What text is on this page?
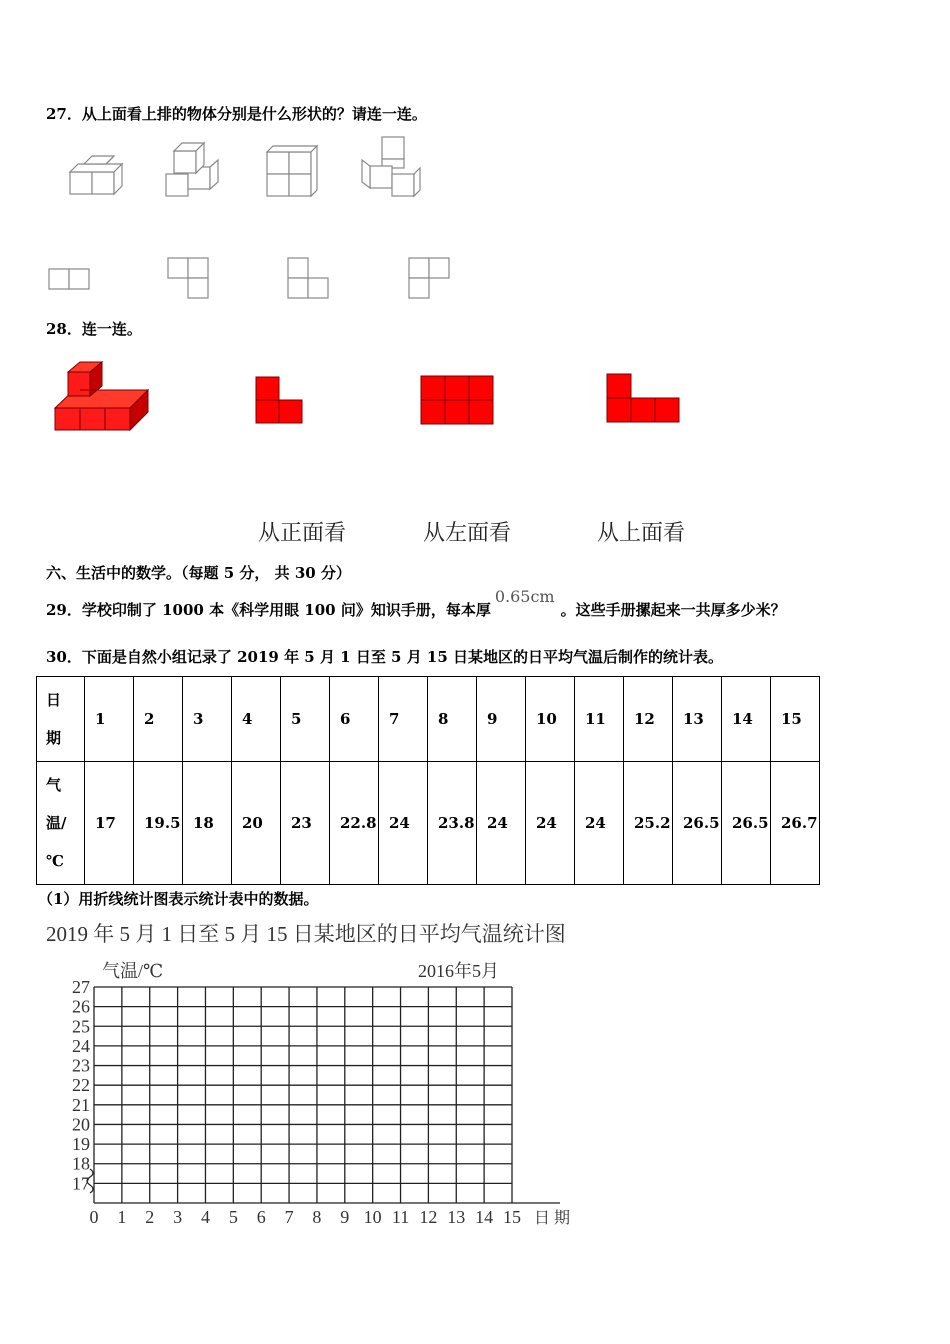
27．从上面看上排的物体分别是什么形状的？请连一连。
28．连一连。
从正面看	从左面看	从上面看
六、生活中的数学。（每题 5 分， 共 30 分）
29．学校印制了 1000 本《科学用眼 100 问》知识手册，每本厚0.65cm。这些手册摞起来一共厚多少米？
30．下面是自然小组记录了 2019 年 5 月 1 日至 5 月 15 日某地区的日平均气温后制作的统计表。
日
期	1	2	3	4	5	6	7	8	9	10	11	12	13	14	15

气
温/
℃	17	19.5	18	20	23	22.8	24	23.8	24	24	24	25.2	26.5	26.5	26.7
（1）用折线统计图表示统计表中的数据。
2019 年 5 月 1 日至 5 月 15 日某地区的日平均气温统计图
气温/℃	2016年5月
日 期
17
18
19
20
21
22
23
24
25
26
27
0 1 2 3 4 5 6 7 8 9 10 11 12 13 14 15
